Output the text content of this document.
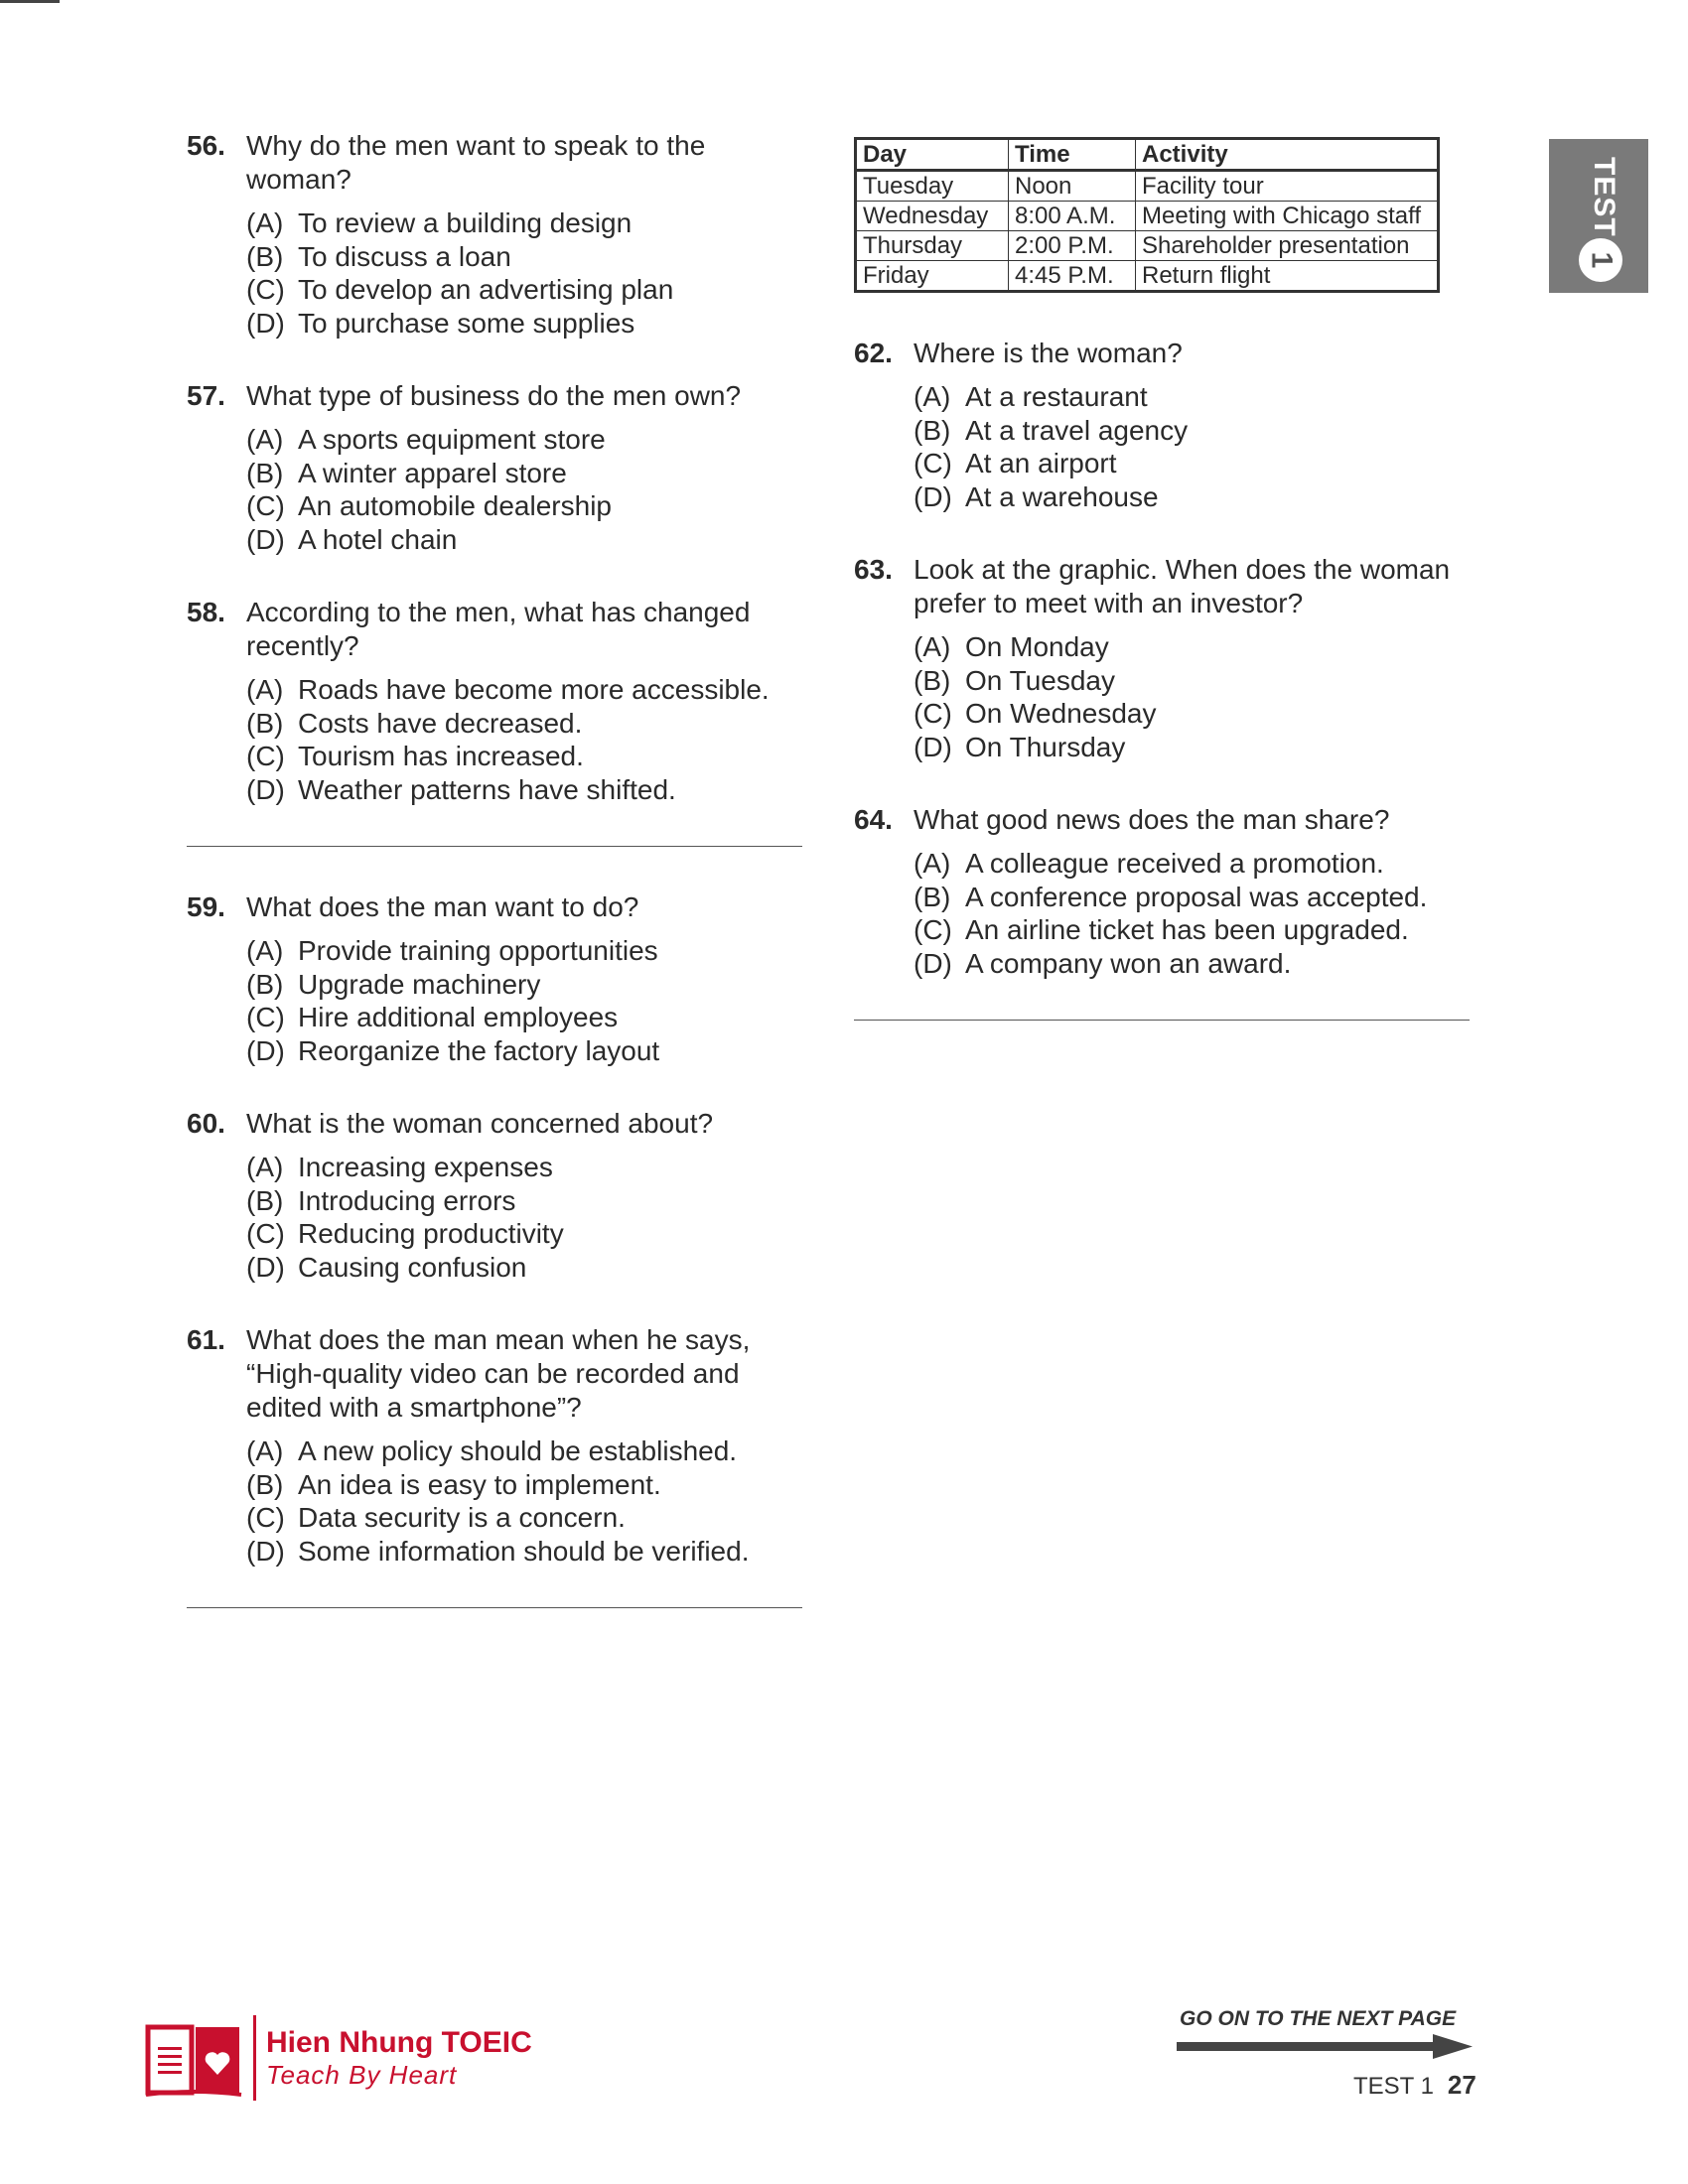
56. Why do the men want to speak to the woman?
(A) To review a building design
(B) To discuss a loan
(C) To develop an advertising plan
(D) To purchase some supplies
57. What type of business do the men own?
(A) A sports equipment store
(B) A winter apparel store
(C) An automobile dealership
(D) A hotel chain
58. According to the men, what has changed recently?
(A) Roads have become more accessible.
(B) Costs have decreased.
(C) Tourism has increased.
(D) Weather patterns have shifted.
59. What does the man want to do?
(A) Provide training opportunities
(B) Upgrade machinery
(C) Hire additional employees
(D) Reorganize the factory layout
60. What is the woman concerned about?
(A) Increasing expenses
(B) Introducing errors
(C) Reducing productivity
(D) Causing confusion
61. What does the man mean when he says, “High-quality video can be recorded and edited with a smartphone”?
(A) A new policy should be established.
(B) An idea is easy to implement.
(C) Data security is a concern.
(D) Some information should be verified.
Day	Time	Activity
Tuesday	Noon	Facility tour
Wednesday	8:00 A.M.	Meeting with Chicago staff
Thursday	2:00 P.M.	Shareholder presentation
Friday	4:45 P.M.	Return flight
62. Where is the woman?
(A) At a restaurant
(B) At a travel agency
(C) At an airport
(D) At a warehouse
63. Look at the graphic. When does the woman prefer to meet with an investor?
(A) On Monday
(B) On Tuesday
(C) On Wednesday
(D) On Thursday
64. What good news does the man share?
(A) A colleague received a promotion.
(B) A conference proposal was accepted.
(C) An airline ticket has been upgraded.
(D) A company won an award.
TEST
1
Hien Nhung TOEIC
Teach By Heart
GO ON TO THE NEXT PAGE
TEST 1 27
